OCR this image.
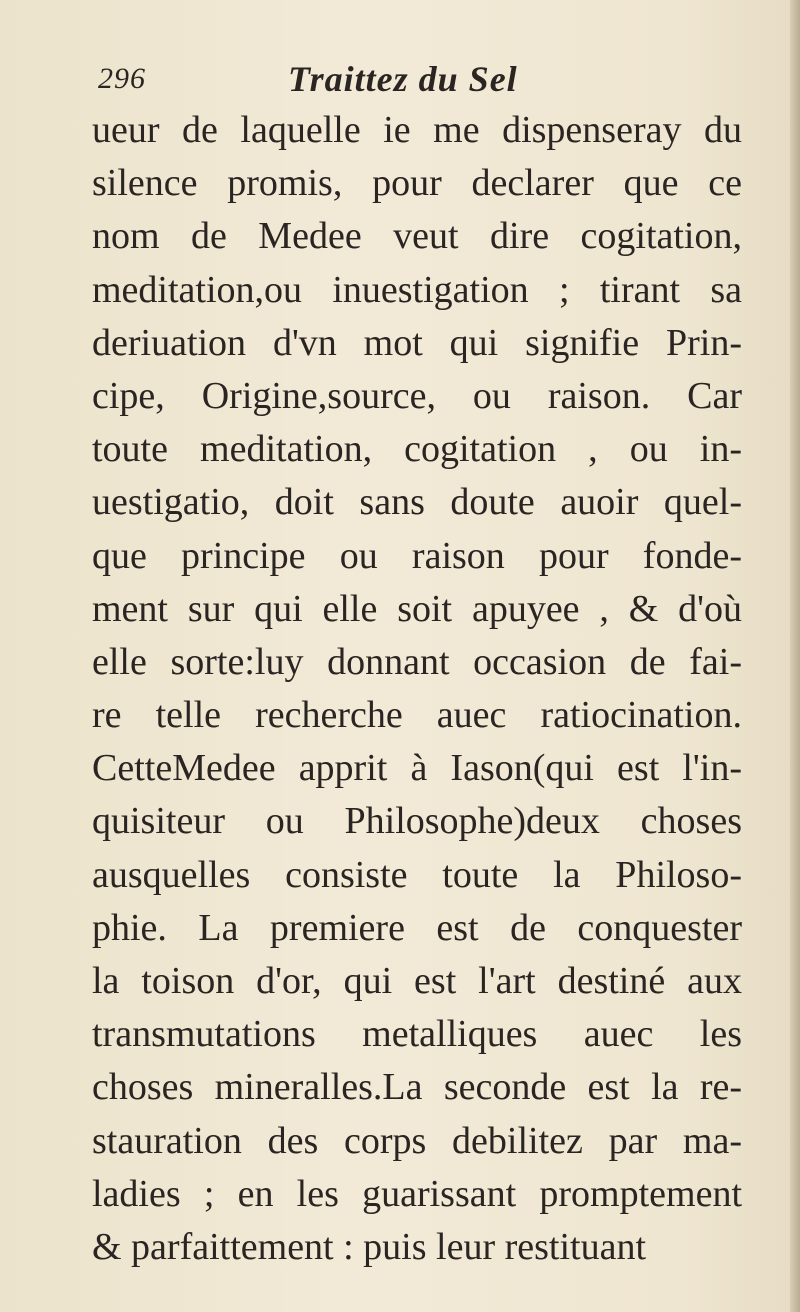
296	Traittez du Sel
ueur de laquelle ie me dispenseray du
silence promis, pour declarer que ce
nom de Medee veut dire cogitation,
meditation,ou inuestigation ; tirant sa
deriuation d'vn mot qui signifie Prin-
cipe, Origine,source, ou raison. Car
toute meditation, cogitation , ou in-
uestigatio, doit sans doute auoir quel-
que principe ou raison pour fonde-
ment sur qui elle soit apuyee , & d'où
elle sorte:luy donnant occasion de fai-
re telle recherche auec ratiocination.
CetteMedee apprit à Iason(qui est l'in-
quisiteur ou Philosophe)deux choses
ausquelles consiste toute la Philoso-
phie. La premiere est de conquester
la toison d'or, qui est l'art destiné aux
transmutations metalliques auec les
choses mineralles.La seconde est la re-
stauration des corps debilitez par ma-
ladies ; en les guarissant promptement
& parfaittement : puis leur restituant
